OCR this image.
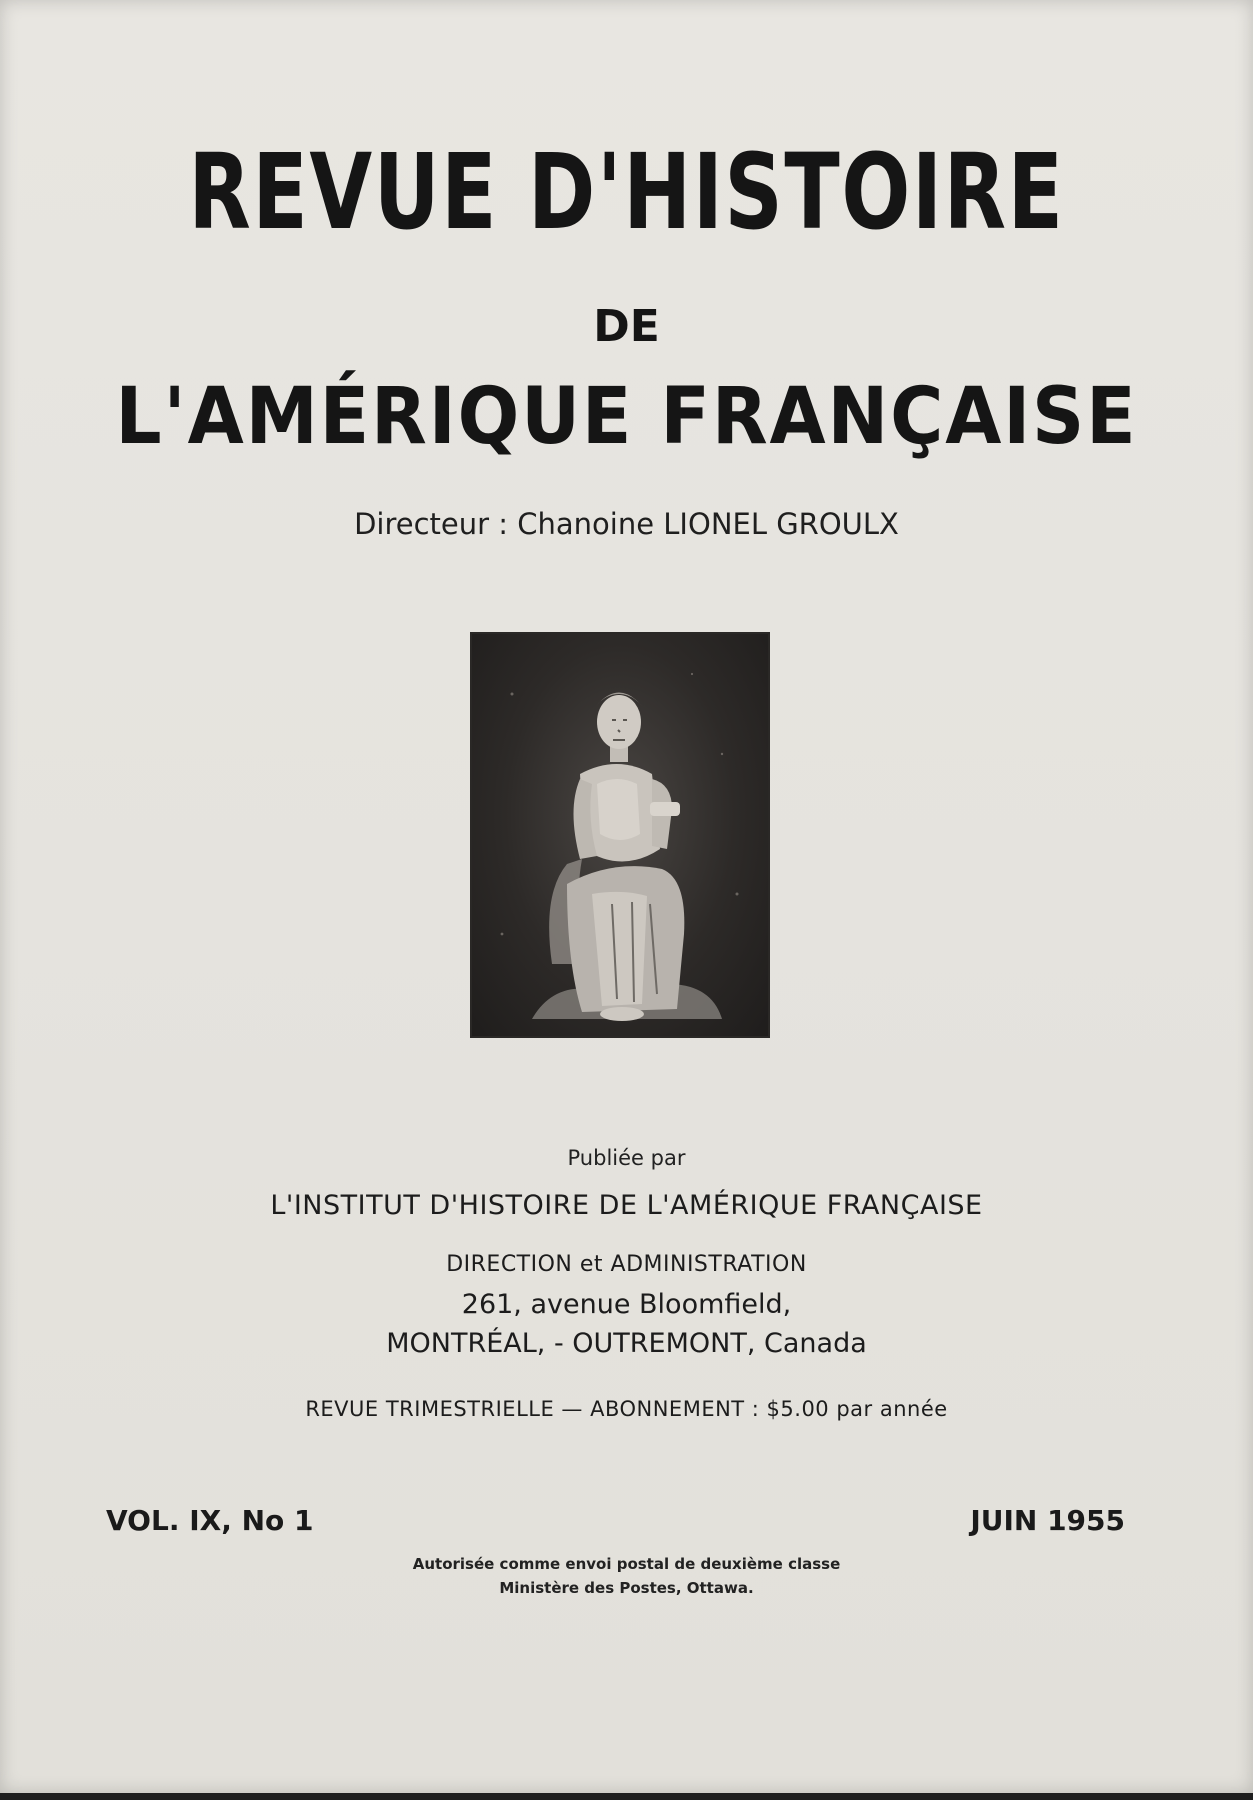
REVUE D'HISTOIRE
DE
L'AMÉRIQUE FRANÇAISE
Directeur : Chanoine LIONEL GROULX
Publiée par
L'INSTITUT D'HISTOIRE DE L'AMÉRIQUE FRANÇAISE
DIRECTION et ADMINISTRATION
261, avenue Bloomfield,
MONTRÉAL, - OUTREMONT, Canada
REVUE TRIMESTRIELLE — ABONNEMENT : $5.00 par année
VOL. IX, No 1	JUIN 1955
Autorisée comme envoi postal de deuxième classe
Ministère des Postes, Ottawa.
